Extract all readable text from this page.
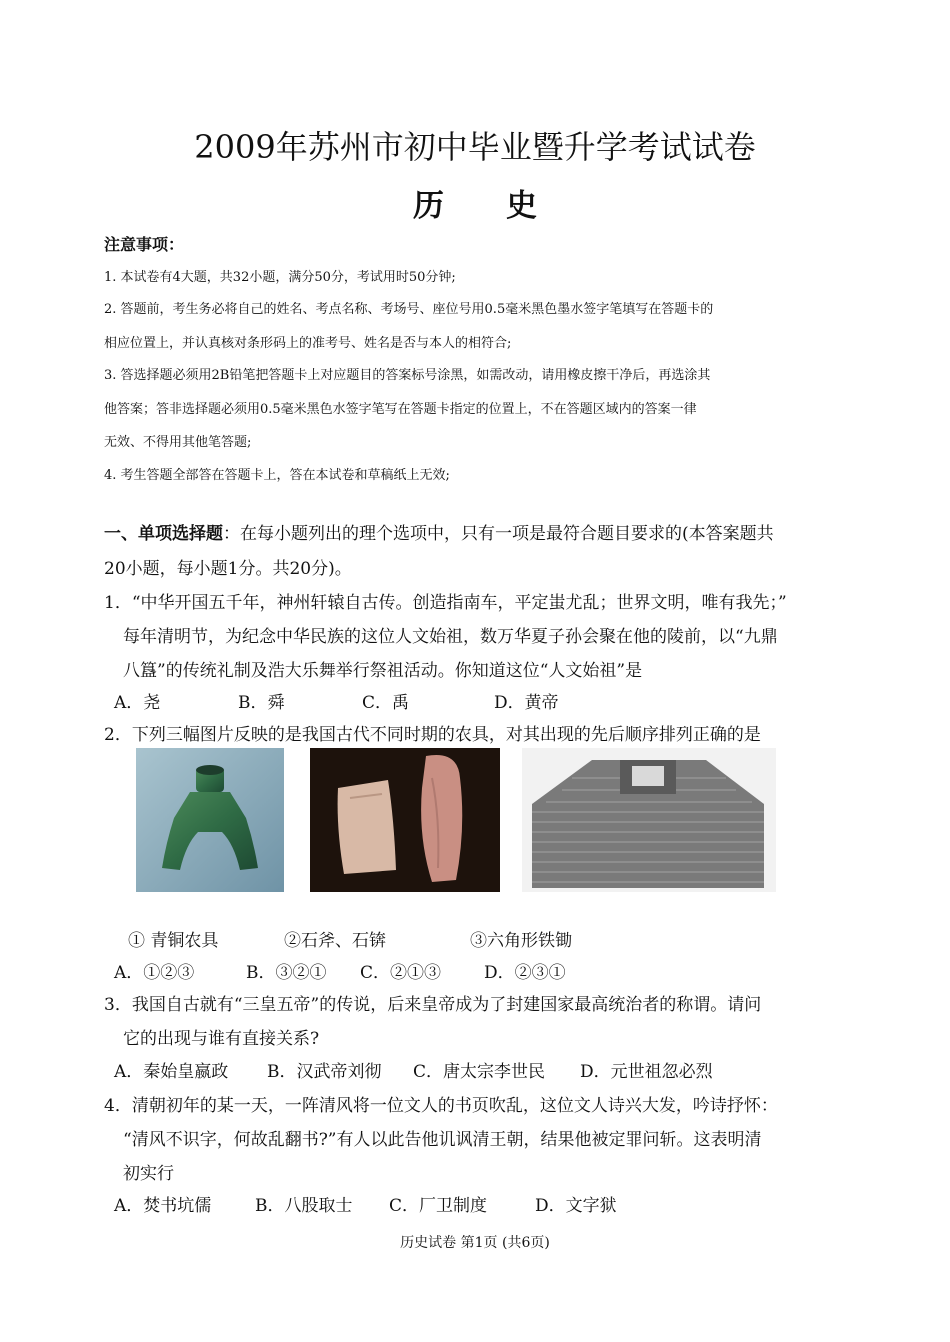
2009年苏州市初中毕业暨升学考试试卷
历　　史
注意事项：
1. 本试卷有4大题，共32小题，满分50分，考试用时50分钟;
2. 答题前，考生务必将自己的姓名、考点名称、考场号、座位号用0.5毫米黑色墨水签字笔填写在答题卡的
相应位置上，并认真核对条形码上的准考号、姓名是否与本人的相符合;
3. 答选择题必须用2B铅笔把答题卡上对应题目的答案标号涂黑，如需改动，请用橡皮擦干净后，再选涂其
他答案；答非选择题必须用0.5毫米黑色水签字笔写在答题卡指定的位置上，不在答题区域内的答案一律
无效、不得用其他笔答题;
4. 考生答题全部答在答题卡上，答在本试卷和草稿纸上无效;
一、单项选择题：在每小题列出的理个选项中，只有一项是最符合题目要求的(本答案题共
20小题，每小题1分。共20分)。
1．“中华开国五千年，神州轩辕自古传。创造指南车，平定蚩尤乱；世界文明，唯有我先；”
每年清明节，为纪念中华民族的这位人文始祖，数万华夏子孙会聚在他的陵前，以“九鼎
八簋”的传统礼制及浩大乐舞举行祭祖活动。你知道这位“人文始祖”是
A．尧	B．舜	C．禹	D．黄帝
2．下列三幅图片反映的是我国古代不同时期的农具，对其出现的先后顺序排列正确的是
① 青铜农具	②石斧、石锛	③六角形铁锄
A．①②③	B．③②① C．②①③	D．②③①
3．我国自古就有“三皇五帝”的传说，后来皇帝成为了封建国家最高统治者的称谓。请问
它的出现与谁有直接关系?
A．秦始皇嬴政 B．汉武帝刘彻 C．唐太宗李世民 D．元世祖忽必烈
4．清朝初年的某一天，一阵清风将一位文人的书页吹乱，这位文人诗兴大发，吟诗抒怀：
“清风不识字，何故乱翻书?”有人以此告他讥讽清王朝，结果他被定罪问斩。这表明清
初实行
A．焚书坑儒	B．八股取士 C．厂卫制度	D．文字狱
历史试卷 第1页 (共6页)
